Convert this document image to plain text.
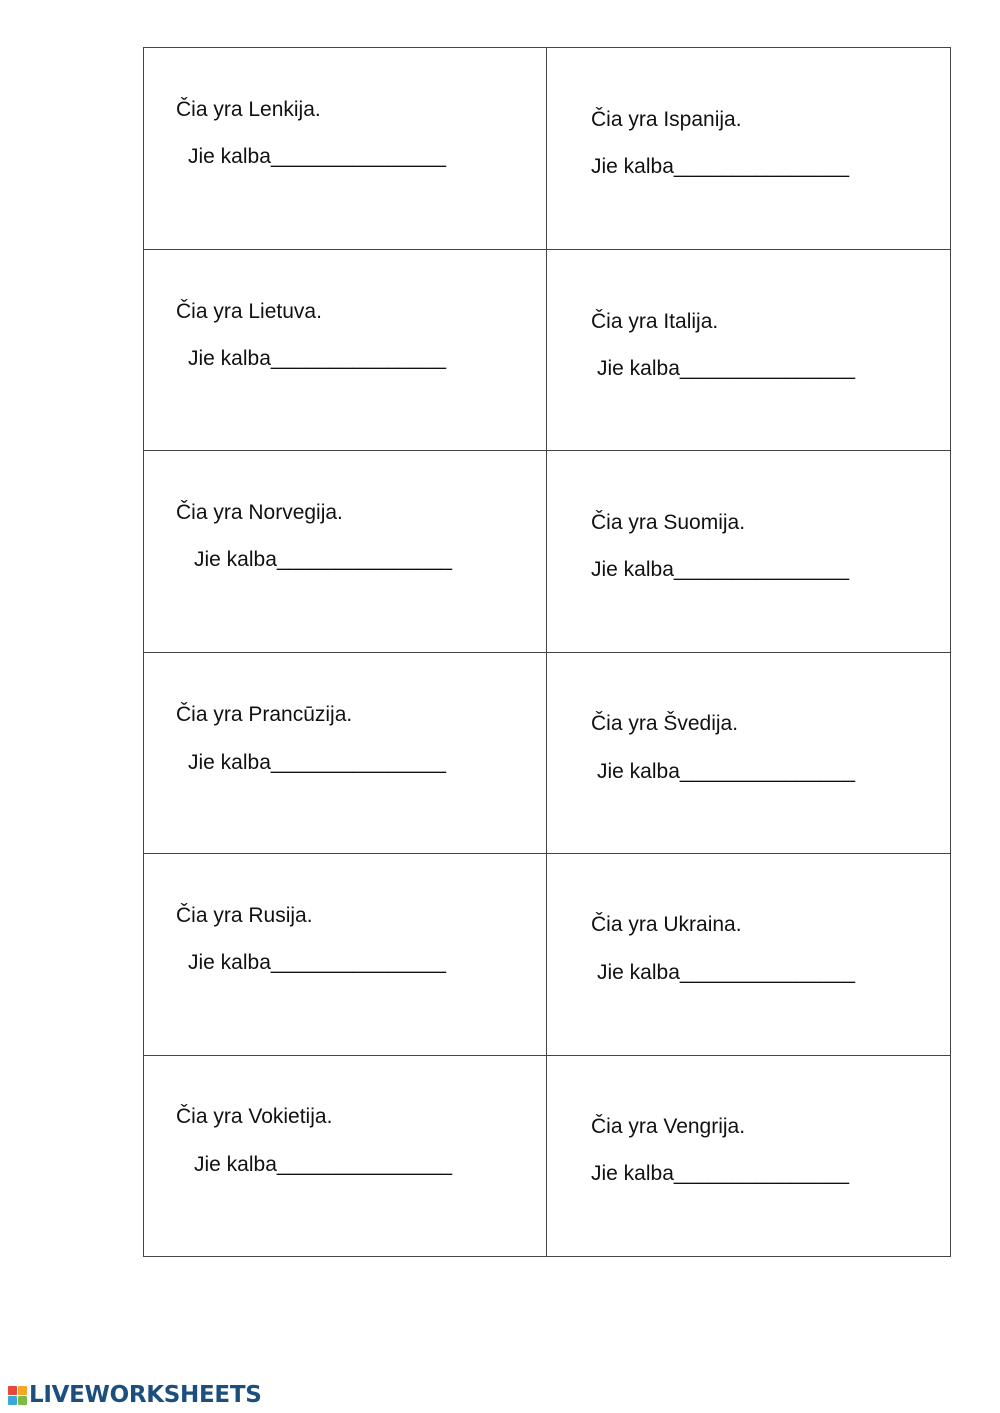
Čia yra Lenkija.
Jie kalba_______________
Čia yra Ispanija.
Jie kalba_______________
Čia yra Lietuva.
Jie kalba_______________
Čia yra Italija.
Jie kalba_______________
Čia yra Norvegija.
Jie kalba_______________
Čia yra Suomija.
Jie kalba_______________
Čia yra Prancūzija.
Jie kalba_______________
Čia yra Švedija.
Jie kalba_______________
Čia yra Rusija.
Jie kalba_______________
Čia yra Ukraina.
Jie kalba_______________
Čia yra Vokietija.
Jie kalba_______________
Čia yra Vengrija.
Jie kalba_______________
LIVEWORKSHEETS
